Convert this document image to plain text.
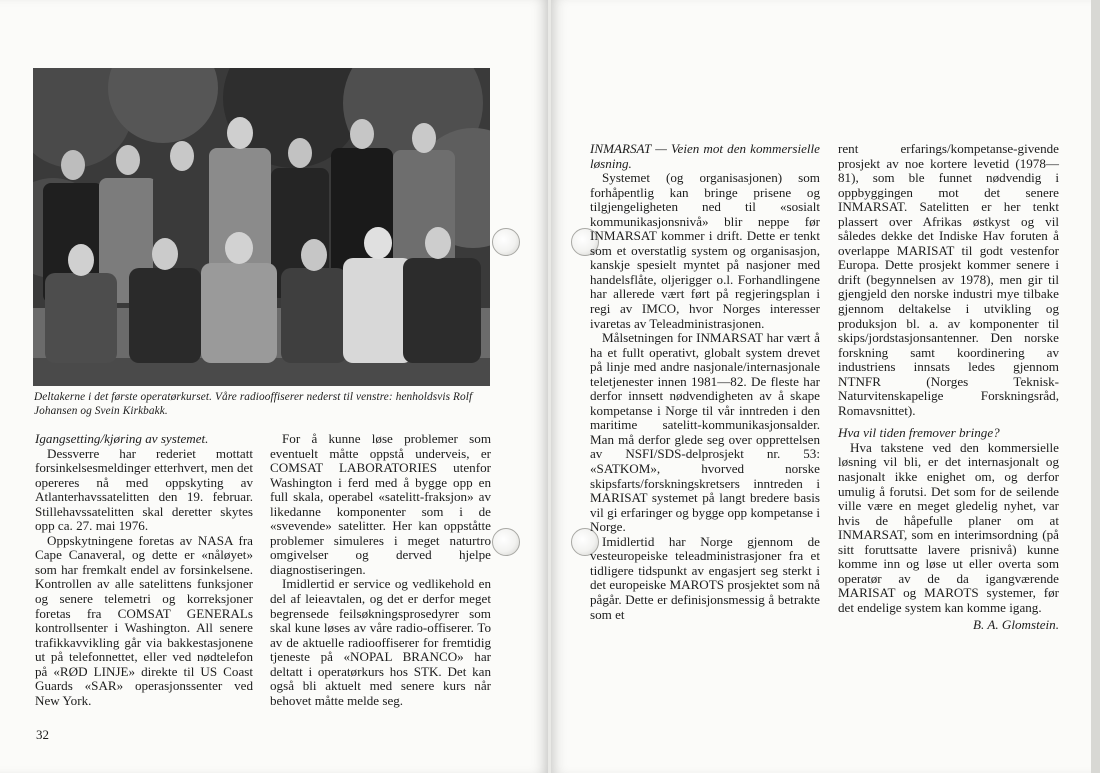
Deltakerne i det første operatørkurset. Våre radiooffiserer nederst til venstre: henholdsvis Rolf Johansen og Svein Kirkbakk.

Igangsetting/kjøring av systemet.

Dessverre har rederiet mottatt forsinkelsesmeldinger etterhvert, men det opereres nå med oppskyting av Atlanterhavssatelitten den 19. februar. Stillehavssatelitten skal deretter skytes opp ca. 27. mai 1976.

Oppskytningene foretas av NASA fra Cape Canaveral, og dette er «nåløyet» som har fremkalt endel av forsinkelsene. Kontrollen av alle satelittens funksjoner og senere telemetri og korreksjoner foretas fra COMSAT GENERALs kontrollsenter i Washington. All senere trafikkavvikling går via bakkestasjonene ut på telefonnettet, eller ved nødtelefon på «RØD LINJE» direkte til US Coast Guards «SAR» operasjonssenter ved New York.

For å kunne løse problemer som eventuelt måtte oppstå underveis, er COMSAT LABORATORIES utenfor Washington i ferd med å bygge opp en full skala, operabel «satelitt-fraksjon» av likedanne komponenter som i de «svevende» satelitter. Her kan oppståtte problemer simuleres i meget naturtro omgivelser og derved hjelpe diagnostiseringen.

Imidlertid er service og vedlikehold en del af leieavtalen, og det er derfor meget begrensede feilsøkningsprosedyrer som skal kune løses av våre radio-offiserer. To av de aktuelle radiooffiserer for fremtidig tjeneste på «NOPAL BRANCO» har deltatt i operatørkurs hos STK. Det kan også bli aktuelt med senere kurs når behovet måtte melde seg.

32

INMARSAT — Veien mot den kommersielle løsning.

Systemet (og organisasjonen) som forhåpentlig kan bringe prisene og tilgjengeligheten ned til «sosialt kommunikasjonsnivå» blir neppe før INMARSAT kommer i drift. Dette er tenkt som et overstatlig system og organisasjon, kanskje spesielt myntet på nasjoner med handelsflåte, oljerigger o.l. Forhandlingene har allerede vært ført på regjeringsplan i regi av IMCO, hvor Norges interesser ivaretas av Teleadministrasjonen.

Målsetningen for INMARSAT har vært å ha et fullt operativt, globalt system drevet på linje med andre nasjonale/internasjonale teletjenester innen 1981—82. De fleste har derfor innsett nødvendigheten av å skape kompetanse i Norge til vår inntreden i den maritime satelitt-kommunikasjonsalder. Man må derfor glede seg over opprettelsen av NSFI/SDS-delprosjekt nr. 53: «SATKOM», hvorved norske skipsfarts/forskningskretsers inntreden i MARISAT systemet på langt bredere basis vil gi erfaringer og bygge opp kompetanse i Norge.

Imidlertid har Norge gjennom de vesteuropeiske teleadministrasjoner fra et tidligere tidspunkt av engasjert seg sterkt i det europeiske MAROTS prosjektet som nå pågår. Dette er definisjonsmessig å betrakte som et

rent erfarings/kompetanse-givende prosjekt av noe kortere levetid (1978—81), som ble funnet nødvendig i oppbyggingen mot det senere INMARSAT. Satelitten er her tenkt plassert over Afrikas østkyst og vil således dekke det Indiske Hav foruten å overlappe MARISAT til godt vestenfor Europa. Dette prosjekt kommer senere i drift (begynnelsen av 1978), men gir til gjengjeld den norske industri mye tilbake gjennom deltakelse i utvikling og produksjon bl. a. av komponenter til skips/jordstasjonsantenner. Den norske forskning samt koordinering av industriens innsats ledes gjennom NTNFR (Norges Teknisk-Naturvitenskapelige Forskningsråd, Romavsnittet).

Hva vil tiden fremover bringe?

Hva takstene ved den kommersielle løsning vil bli, er det internasjonalt og nasjonalt ikke enighet om, og derfor umulig å forutsi. Det som for de seilende ville være en meget gledelig nyhet, var hvis de håpefulle planer om at INMARSAT, som en interimsordning (på sitt foruttsatte lavere prisnivå) kunne komme inn og løse ut eller overta som operatør av de da igangværende MARISAT og MAROTS systemer, før det endelige system kan komme igang.

B. A. Glomstein.
